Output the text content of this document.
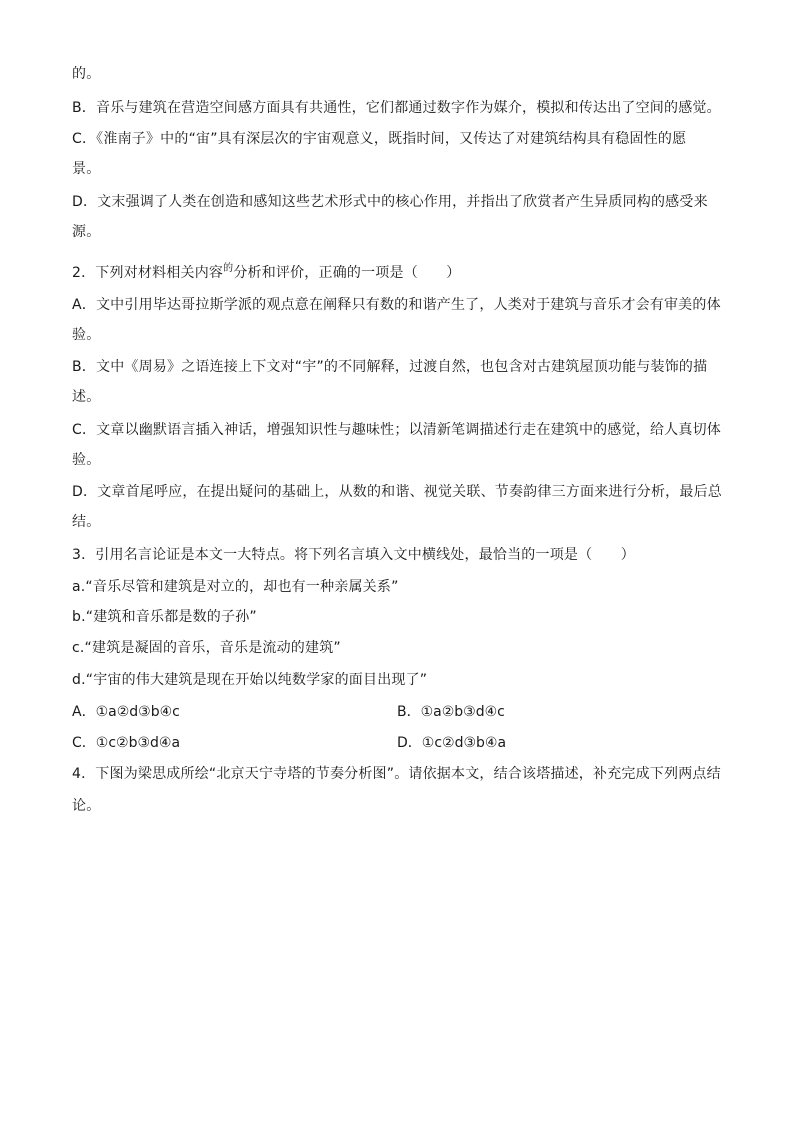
的。
B．音乐与建筑在营造空间感方面具有共通性，它们都通过数字作为媒介，模拟和传达出了空间的感觉。
C．《淮南子》中的“宙”具有深层次的宇宙观意义，既指时间，又传达了对建筑结构具有稳固性的愿
景。
D．文末强调了人类在创造和感知这些艺术形式中的核心作用，并指出了欣赏者产生异质同构的感受来
源。
2．下列对材料相关内容$^的$分析和评价，正确的一项是（　　）
A．文中引用毕达哥拉斯学派的观点意在阐释只有数的和谐产生了，人类对于建筑与音乐才会有审美的体
验。
B．文中《周易》之语连接上下文对“宇”的不同解释，过渡自然，也包含对古建筑屋顶功能与装饰的描
述。
C．文章以幽默语言插入神话，增强知识性与趣味性；以清新笔调描述行走在建筑中的感觉，给人真切体
验。
D．文章首尾呼应，在提出疑问的基础上，从数的和谐、视觉关联、节奏韵律三方面来进行分析，最后总
结。
3．引用名言论证是本文一大特点。将下列名言填入文中横线处，最恰当的一项是（　　）
a.“音乐尽管和建筑是对立的，却也有一种亲属关系”
b.“建筑和音乐都是数的子孙”
c.“建筑是凝固的音乐，音乐是流动的建筑”
d.“宇宙的伟大建筑是现在开始以纯数学家的面目出现了”
A．①a②d③b④c	B．①a②b③d④c
C．①c②b③d④a	D．①c②d③b④a
4．下图为梁思成所绘“北京天宁寺塔的节奏分析图”。请依据本文，结合该塔描述，补充完成下列两点结
论。
